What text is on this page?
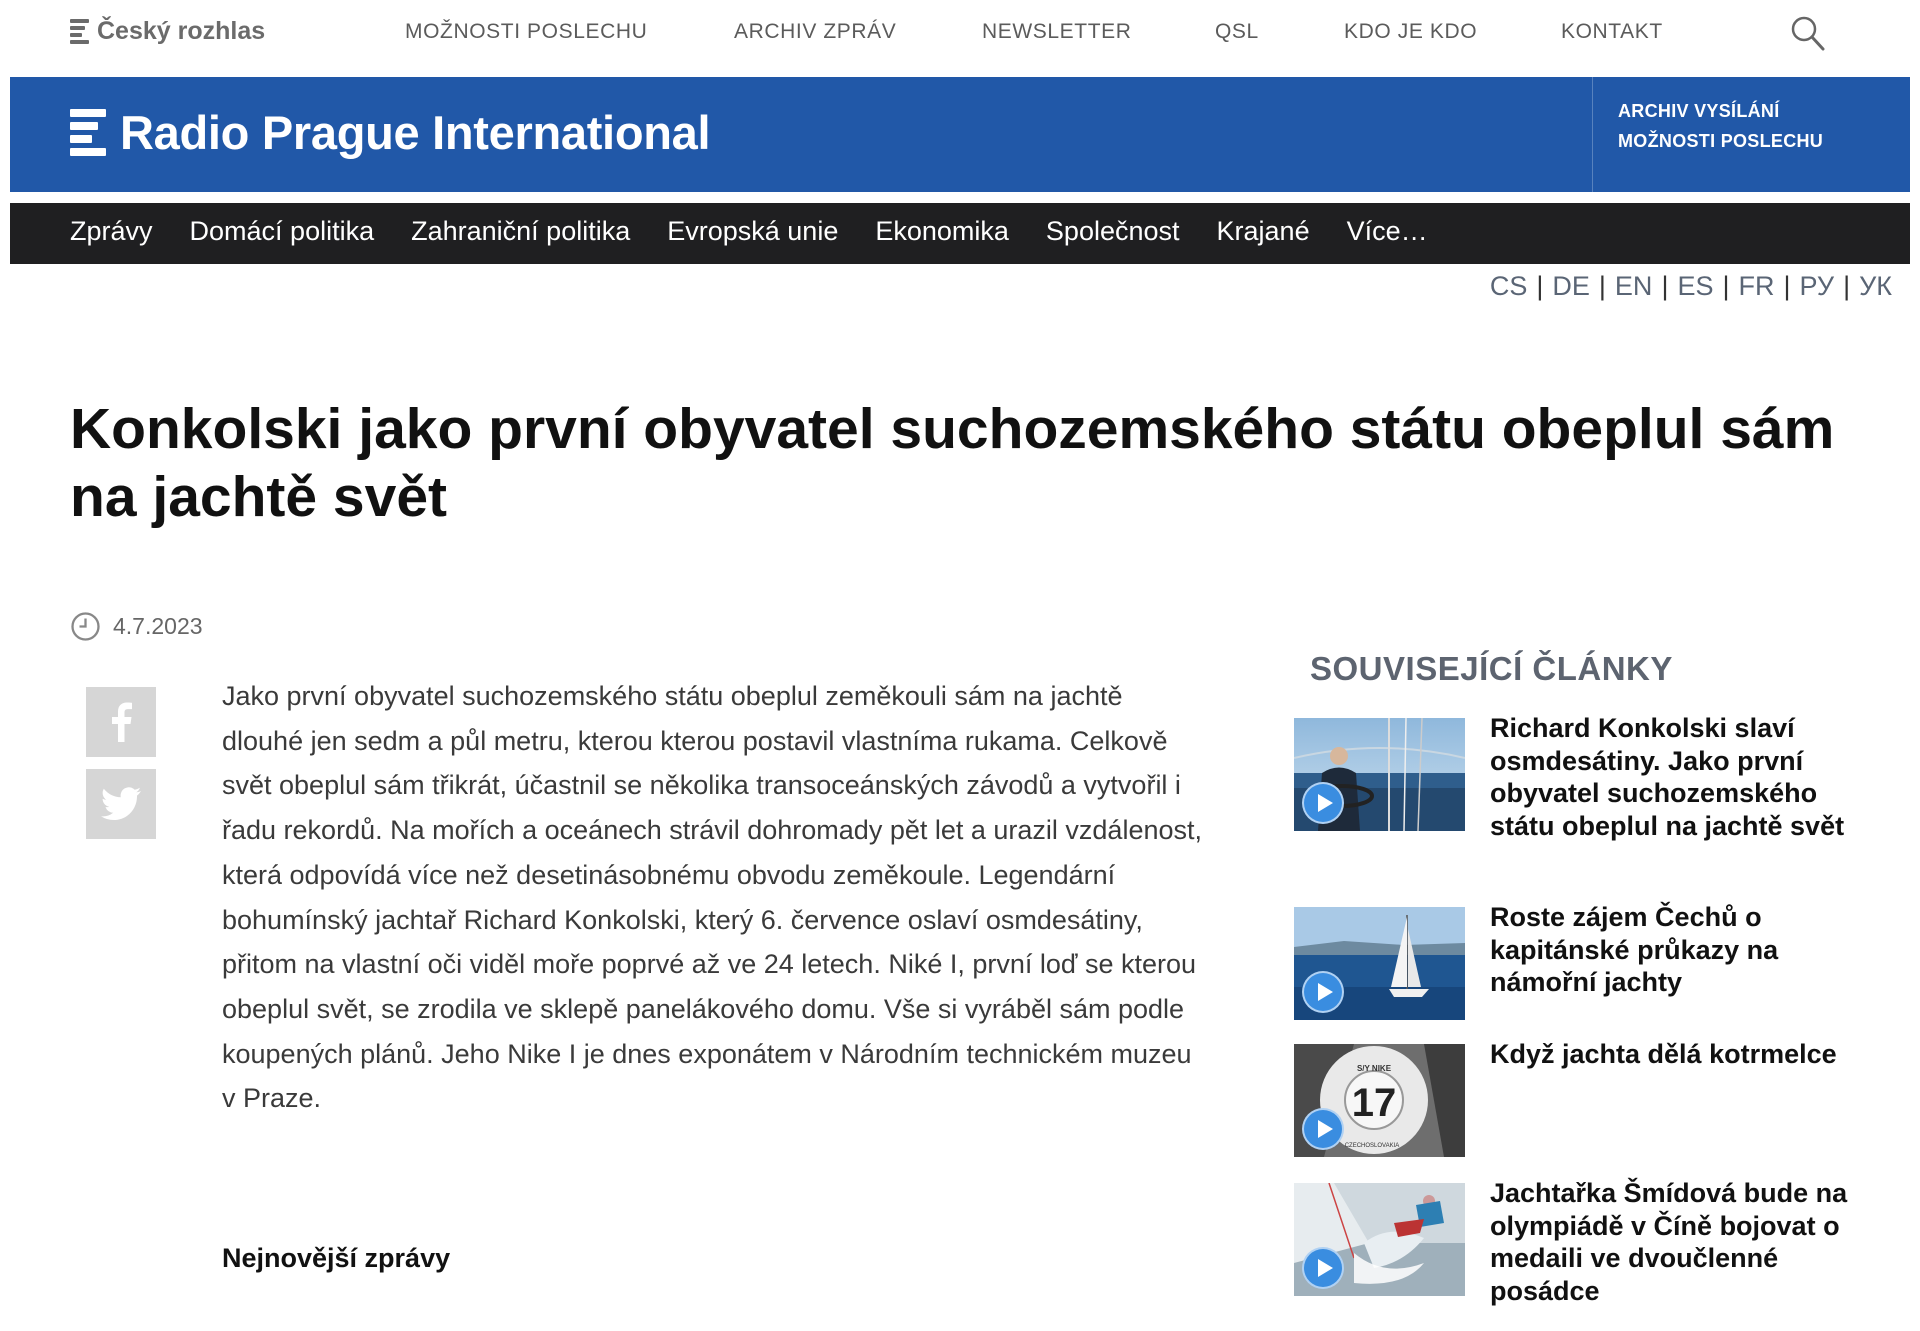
Český rozhlas	MOŽNOSTI POSLECHU	ARCHIV ZPRÁV	NEWSLETTER	QSL	KDO JE KDO	KONTAKT
Radio Prague International	ARCHIV VYSÍLÁNÍ
MOŽNOSTI POSLECHU
Zprávy Domácí politika Zahraniční politika Evropská unie Ekonomika Společnost Krajané Více…
CS | DE | EN | ES | FR | РУ | УК
Konkolski jako první obyvatel suchozemského státu obeplul sám na jachtě svět
4.7.2023

Jako první obyvatel suchozemského státu obeplul zeměkouli sám na jachtě dlouhé jen sedm a půl metru, kterou kterou postavil vlastníma rukama. Celkově svět obeplul sám třikrát, účastnil se několika transoceánských závodů a vytvořil i řadu rekordů. Na mořích a oceánech strávil dohromady pět let a urazil vzdálenost, která odpovídá více než desetinásobnému obvodu zeměkoule. Legendární bohumínský jachtař Richard Konkolski, který 6. července oslaví osmdesátiny, přitom na vlastní oči viděl moře poprvé až ve 24 letech. Niké I, první loď se kterou obeplul svět, se zrodila ve sklepě panelákového domu. Vše si vyráběl sám podle koupených plánů. Jeho Nike I je dnes exponátem v Národním technickém muzeu v Praze.

Nejnovější zprávy
SOUVISEJÍCÍ ČLÁNKY
Richard Konkolski slaví osmdesátiny. Jako první obyvatel suchozemského státu obeplul na jachtě svět
Roste zájem Čechů o kapitánské průkazy na námořní jachty
S/Y NIKE
CZECHOSLOVAKIA
17
Když jachta dělá kotrmelce
Jachtařka Šmídová bude na olympiádě v Číně bojovat o medaili ve dvoučlenné posádce
